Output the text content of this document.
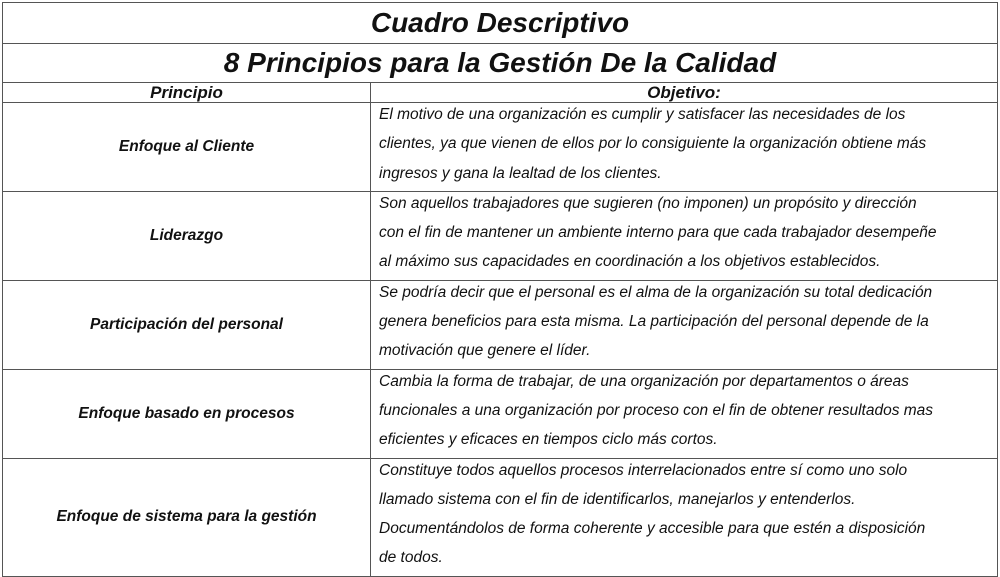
Cuadro Descriptivo	
8 Principios para la Gestión De la Calidad	
Principio	Objetivo:
Enfoque al Cliente	El motivo de una organización es cumplir y satisfacer las necesidades de los
clientes, ya que vienen de ellos por lo consiguiente la organización obtiene más
ingresos y gana la lealtad de los clientes.

Liderazgo	Son aquellos trabajadores que sugieren (no imponen) un propósito y dirección
con el fin de mantener un ambiente interno para que cada trabajador desempeñe
al máximo sus capacidades en coordinación a los objetivos establecidos.

Participación del personal	Se podría decir que el personal es el alma de la organización su total dedicación
genera beneficios para esta misma. La participación del personal depende de la
motivación que genere el líder.

Enfoque basado en procesos	Cambia la forma de trabajar, de una organización por departamentos o áreas
funcionales a una organización por proceso con el fin de obtener resultados mas
eficientes y eficaces en tiempos ciclo más cortos.

Enfoque de sistema para la gestión	Constituye todos aquellos procesos interrelacionados entre sí como uno solo
llamado sistema con el fin de identificarlos, manejarlos y entenderlos.
Documentándolos de forma coherente y accesible para que estén a disposición
de todos.
